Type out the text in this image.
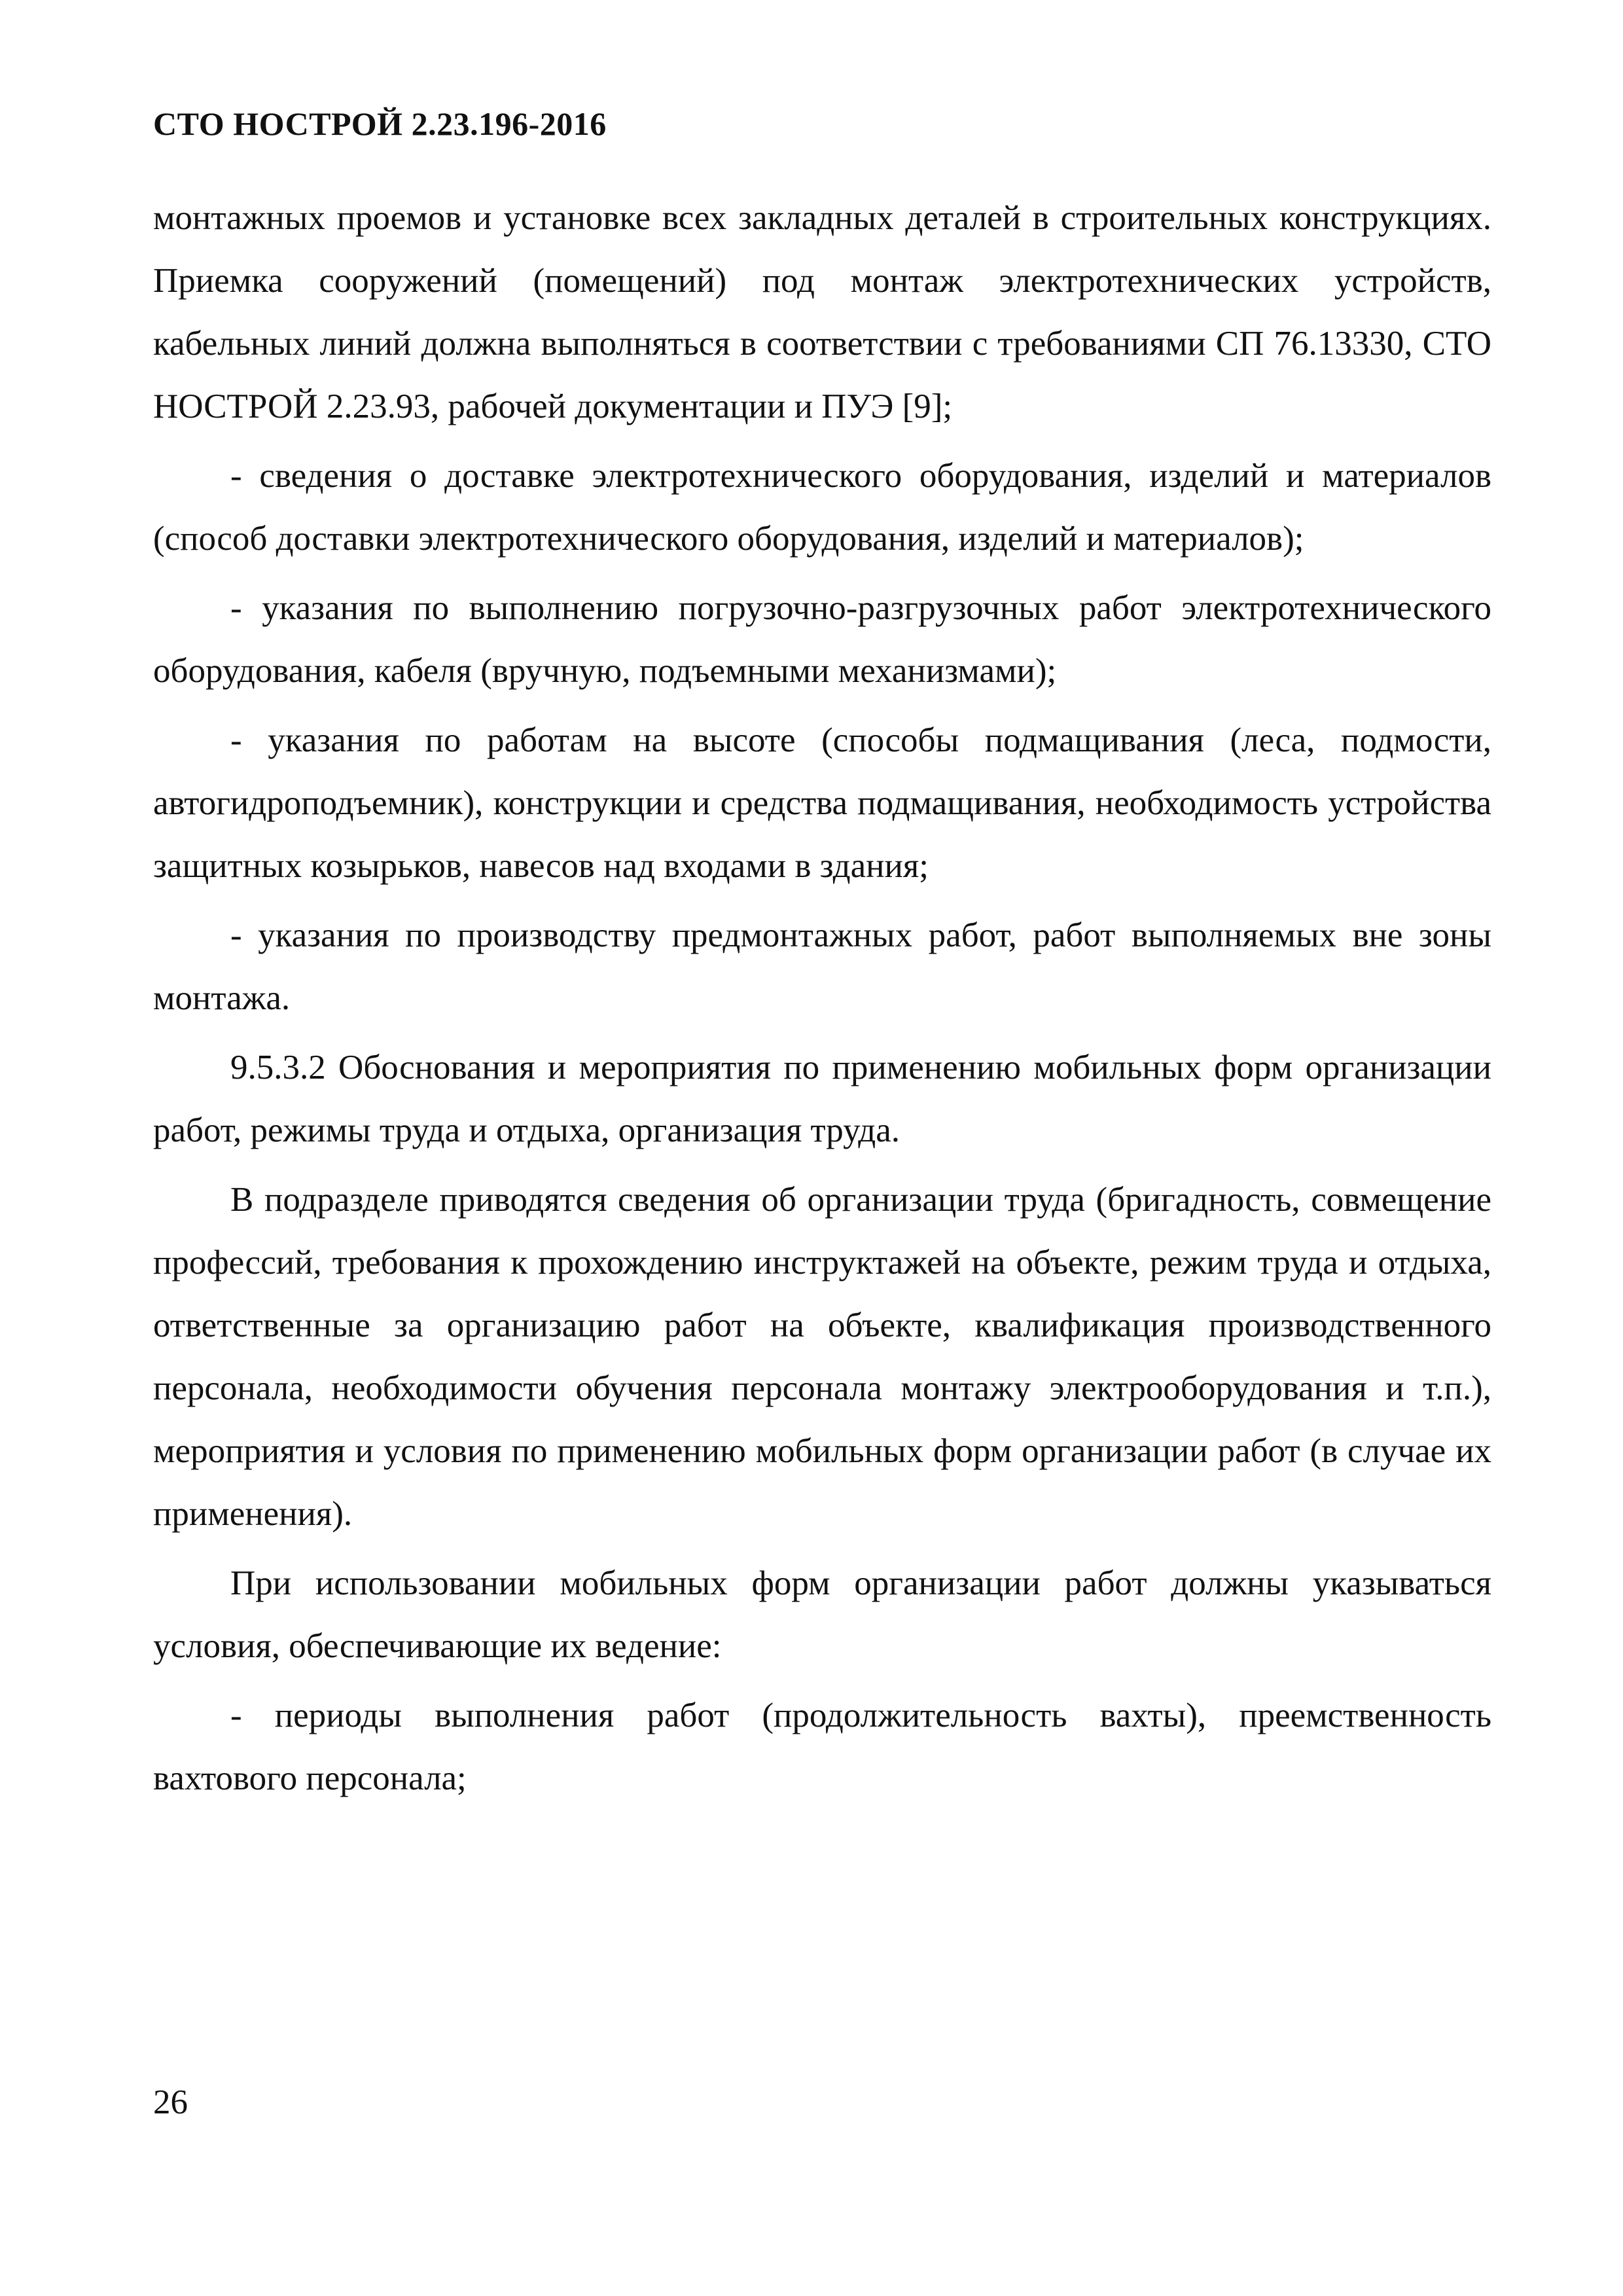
СТО НОСТРОЙ 2.23.196-2016

монтажных проемов и установке всех закладных деталей в строительных конструкциях. Приемка сооружений (помещений) под монтаж электротехнических устройств, кабельных линий должна выполняться в соответствии с требованиями СП 76.13330, СТО НОСТРОЙ 2.23.93, рабочей документации и ПУЭ [9];

- сведения о доставке электротехнического оборудования, изделий и материалов (способ доставки электротехнического оборудования, изделий и материалов);

- указания по выполнению погрузочно-разгрузочных работ электротехнического оборудования, кабеля (вручную, подъемными механизмами);

- указания по работам на высоте (способы подмащивания (леса, подмости, автогидроподъемник), конструкции и средства подмащивания, необходимость устройства защитных козырьков, навесов над входами в здания;

- указания по производству предмонтажных работ, работ выполняемых вне зоны монтажа.

9.5.3.2 Обоснования и мероприятия по применению мобильных форм организации работ, режимы труда и отдыха, организация труда.

В подразделе приводятся сведения об организации труда (бригадность, совмещение профессий, требования к прохождению инструктажей на объекте, режим труда и отдыха, ответственные за организацию работ на объекте, квалификация производственного персонала, необходимости обучения персонала монтажу электрооборудования и т.п.), мероприятия и условия по применению мобильных форм организации работ (в случае их применения).

При использовании мобильных форм организации работ должны указываться условия, обеспечивающие их ведение:

- периоды выполнения работ (продолжительность вахты), преемственность вахтового персонала;

26
